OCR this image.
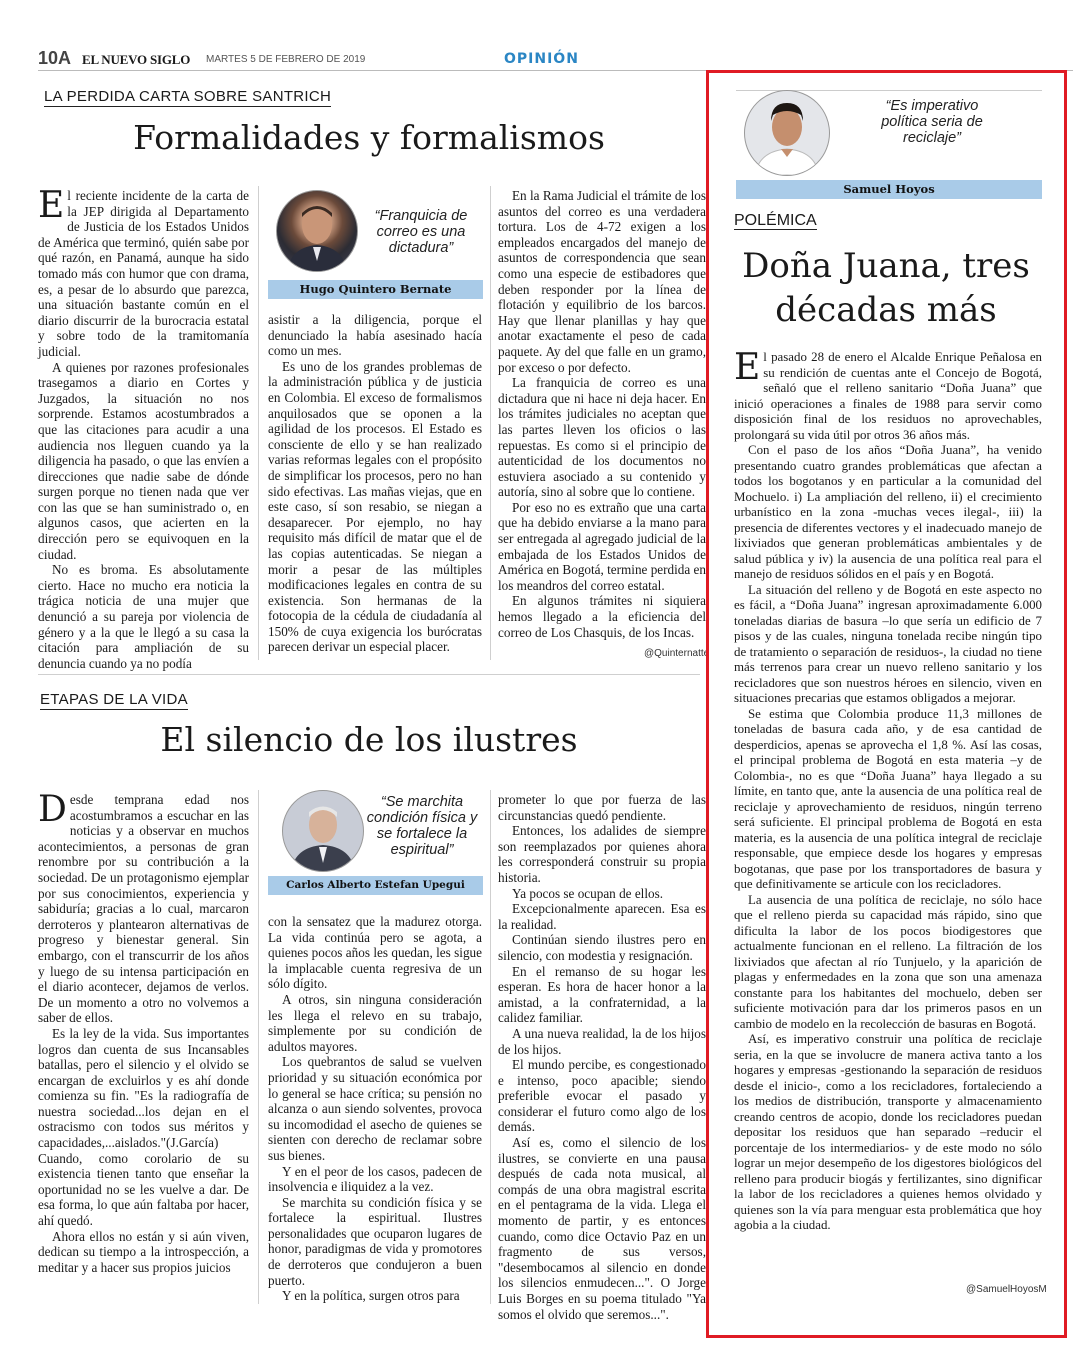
10A EL NUEVO SIGLO MARTES 5 DE FEBRERO DE 2019	OPINIÓN
LA PERDIDA CARTA SOBRE SANTRICH
Formalidades y formalismos

El reciente incidente de la carta de la JEP dirigida al Departamento de Justicia de los Estados Unidos de América que terminó, quién sabe por qué razón, en Panamá, aunque ha sido tomado más con humor que con drama, es, a pesar de lo absurdo que parezca, una situación bastante común en el diario discurrir de la burocracia estatal y sobre todo de la tramitomanía judicial.

A quienes por razones profesionales trasegamos a diario en Cortes y Juzgados, la situación no nos sorprende. Estamos acostumbrados a que las citaciones para acudir a una audiencia nos lleguen cuando ya la diligencia ha pasado, o que las envíen a direcciones que nadie sabe de dónde surgen porque no tienen nada que ver con las que se han suministrado o, en algunos casos, que acierten en la dirección pero se equivoquen en la ciudad.

No es broma. Es absolutamente cierto. Hace no mucho era noticia la trágica noticia de una mujer que denunció a su pareja por violencia de género y a la que le llegó a su casa la citación para ampliación de su denuncia cuando ya no podía

“Franquicia de correo es una dictadura”
Hugo Quintero Bernate

asistir a la diligencia, porque el denunciado la había asesinado hacía como un mes.

Es uno de los grandes problemas de la administración pública y de justicia en Colombia. El exceso de formalismos anquilosados que se oponen a la agilidad de los procesos. El Estado es consciente de ello y se han realizado varias reformas legales con el propósito de simplificar los procesos, pero no han sido efectivas. Las mañas viejas, que en este caso, sí son resabio, se niegan a desaparecer. Por ejemplo, no hay requisito más difícil de matar que el de las copias autenticadas. Se niegan a morir a pesar de las múltiples modificaciones legales en contra de su existencia. Son hermanas de la fotocopia de la cédula de ciudadanía al 150% de cuya exigencia los burócratas parecen derivar un especial placer.

En la Rama Judicial el trámite de los asuntos del correo es una verdadera tortura. Los de 4-72 exigen a los empleados encargados del manejo de asuntos de correspondencia que sean como una especie de estibadores que deben responder por la línea de flotación y equilibrio de los barcos. Hay que llenar planillas y hay que anotar exactamente el peso de cada paquete. Ay del que falle en un gramo, por exceso o por defecto.

La franquicia de correo es una dictadura que ni hace ni deja hacer. En los trámites judiciales no aceptan que las partes lleven los oficios o las repuestas. Es como si el principio de autenticidad de los documentos no estuviera asociado a su contenido y autoría, sino al sobre que lo contiene.

Por eso no es extraño que una carta que ha debido enviarse a la mano para ser entregada al agregado judicial de la embajada de los Estados Unidos de América en Bogotá, termine perdida en los meandros del correo estatal.

En algunos trámites ni siquiera hemos llegado a la eficiencia del correo de Los Chasquis, de los Incas.

@Quinternatte
ETAPAS DE LA VIDA
El silencio de los ilustres

Desde temprana edad nos acostumbramos a escuchar en las noticias y a observar en muchos acontecimientos, a personas de gran renombre por su contribución a la sociedad. De un protagonismo ejemplar por sus conocimientos, experiencia y sabiduría; gracias a lo cual, marcaron derroteros y plantearon alternativas de progreso y bienestar general. Sin embargo, con el transcurrir de los años y luego de su intensa participación en el diario acontecer, dejamos de verlos. De un momento a otro no volvemos a saber de ellos.

Es la ley de la vida. Sus importantes logros dan cuenta de sus Incansables batallas, pero el silencio y el olvido se encargan de excluirlos y es ahí donde comienza su fin. "Es la radiografía de nuestra sociedad...los dejan en el ostracismo con todos sus méritos y capacidades,...aislados."(J.García) Cuando, como corolario de su existencia tienen tanto que enseñar la oportunidad no se les vuelve a dar. De esa forma, lo que aún faltaba por hacer, ahí quedó.

Ahora ellos no están y si aún viven, dedican su tiempo a la introspección, a meditar y a hacer sus propios juicios

“Se marchita condición física y se fortalece la espiritual”
Carlos Alberto Estefan Upegui

con la sensatez que la madurez otorga. La vida continúa pero se agota, a quienes pocos años les quedan, les sigue la implacable cuenta regresiva de un sólo dígito.

A otros, sin ninguna consideración les llega el relevo en su trabajo, simplemente por su condición de adultos mayores.

Los quebrantos de salud se vuelven prioridad y su situación económica por lo general se hace crítica; su pensión no alcanza o aun siendo solventes, provoca su incomodidad el asecho de quienes se sienten con derecho de reclamar sobre sus bienes.

Y en el peor de los casos, padecen de insolvencia e iliquidez a la vez.

Se marchita su condición física y se fortalece la espiritual. Ilustres personalidades que ocuparon lugares de honor, paradigmas de vida y promotores de derroteros que condujeron a buen puerto.

Y en la política, surgen otros para

prometer lo que por fuerza de las circunstancias quedó pendiente.

Entonces, los adalides de siempre son reemplazados por quienes ahora les corresponderá construir su propia historia.

Ya pocos se ocupan de ellos.

Excepcionalmente aparecen. Esa es la realidad.

Continúan siendo ilustres pero en silencio, con modestia y resignación.

En el remanso de su hogar les esperan. Es hora de hacer honor a la amistad, a la confraternidad, a la calidez familiar.

A una nueva realidad, la de los hijos de los hijos.

El mundo percibe, es congestionado e intenso, poco apacible; siendo preferible evocar el pasado y considerar el futuro como algo de los demás.

Así es, como el silencio de los ilustres, se convierte en una pausa después de cada nota musical, al compás de una obra magistral escrita en el pentagrama de la vida. Llega el momento de partir, y es entonces cuando, como dice Octavio Paz en un fragmento de sus versos, "desembocamos al silencio en donde los silencios enmudecen...". O Jorge Luis Borges en su poema titulado "Ya somos el olvido que seremos...".

“Es imperativo política seria de reciclaje”
Samuel Hoyos
POLÉMICA
Doña Juana, tres
décadas más

El pasado 28 de enero el Alcalde Enrique Peñalosa en su rendición de cuentas ante el Concejo de Bogotá, señaló que el relleno sanitario “Doña Juana” que inició operaciones a finales de 1988 para servir como disposición final de los residuos no aprovechables, prolongará su vida útil por otros 36 años más.

Con el paso de los años “Doña Juana”, ha venido presentando cuatro grandes problemáticas que afectan a todos los bogotanos y en particular a la comunidad del Mochuelo. i) La ampliación del relleno, ii) el crecimiento urbanístico en la zona -muchas veces ilegal-, iii) la presencia de diferentes vectores y el inadecuado manejo de lixiviados que generan problemáticas ambientales y de salud pública y iv) la ausencia de una política real para el manejo de residuos sólidos en el país y en Bogotá.

La situación del relleno y de Bogotá en este aspecto no es fácil, a “Doña Juana” ingresan aproximadamente 6.000 toneladas diarias de basura –lo que sería un edificio de 7 pisos y de las cuales, ninguna tonelada recibe ningún tipo de tratamiento o separación de residuos-, la ciudad no tiene más terrenos para crear un nuevo relleno sanitario y los recicladores que son nuestros héroes en silencio, viven en situaciones precarias que estamos obligados a mejorar.

Se estima que Colombia produce 11,3 millones de toneladas de basura cada año, y de esa cantidad de desperdicios, apenas se aprovecha el 1,8 %. Así las cosas, el principal problema de Bogotá en esta materia –y de Colombia-, no es que “Doña Juana” haya llegado a su límite, en tanto que, ante la ausencia de una política real de reciclaje y aprovechamiento de residuos, ningún terreno será suficiente. El principal problema de Bogotá en esta materia, es la ausencia de una política integral de reciclaje responsable, que empiece desde los hogares y empresas bogotanas, que pase por los transportadores de basura y que definitivamente se articule con los recicladores.

La ausencia de una política de reciclaje, no sólo hace que el relleno pierda su capacidad más rápido, sino que dificulta la labor de los pocos biodigestores que actualmente funcionan en el relleno. La filtración de los lixiviados que afectan al río Tunjuelo, y la aparición de plagas y enfermedades en la zona que son una amenaza constante para los habitantes del mochuelo, deben ser suficiente motivación para dar los primeros pasos en un cambio de modelo en la recolección de basuras en Bogotá.

Así, es imperativo construir una política de reciclaje seria, en la que se involucre de manera activa tanto a los hogares y empresas -gestionando la separación de residuos desde el inicio-, como a los recicladores, fortaleciendo a los medios de distribución, transporte y almacenamiento creando centros de acopio, donde los recicladores puedan depositar los residuos que han separado –reducir el porcentaje de los intermediarios- y de este modo no sólo lograr un mejor desempeño de los digestores biológicos del relleno para producir biogás y fertilizantes, sino dignificar la labor de los recicladores a quienes hemos olvidado y quienes son la vía para menguar esta problemática que hoy agobia a la ciudad.

@SamuelHoyosM
